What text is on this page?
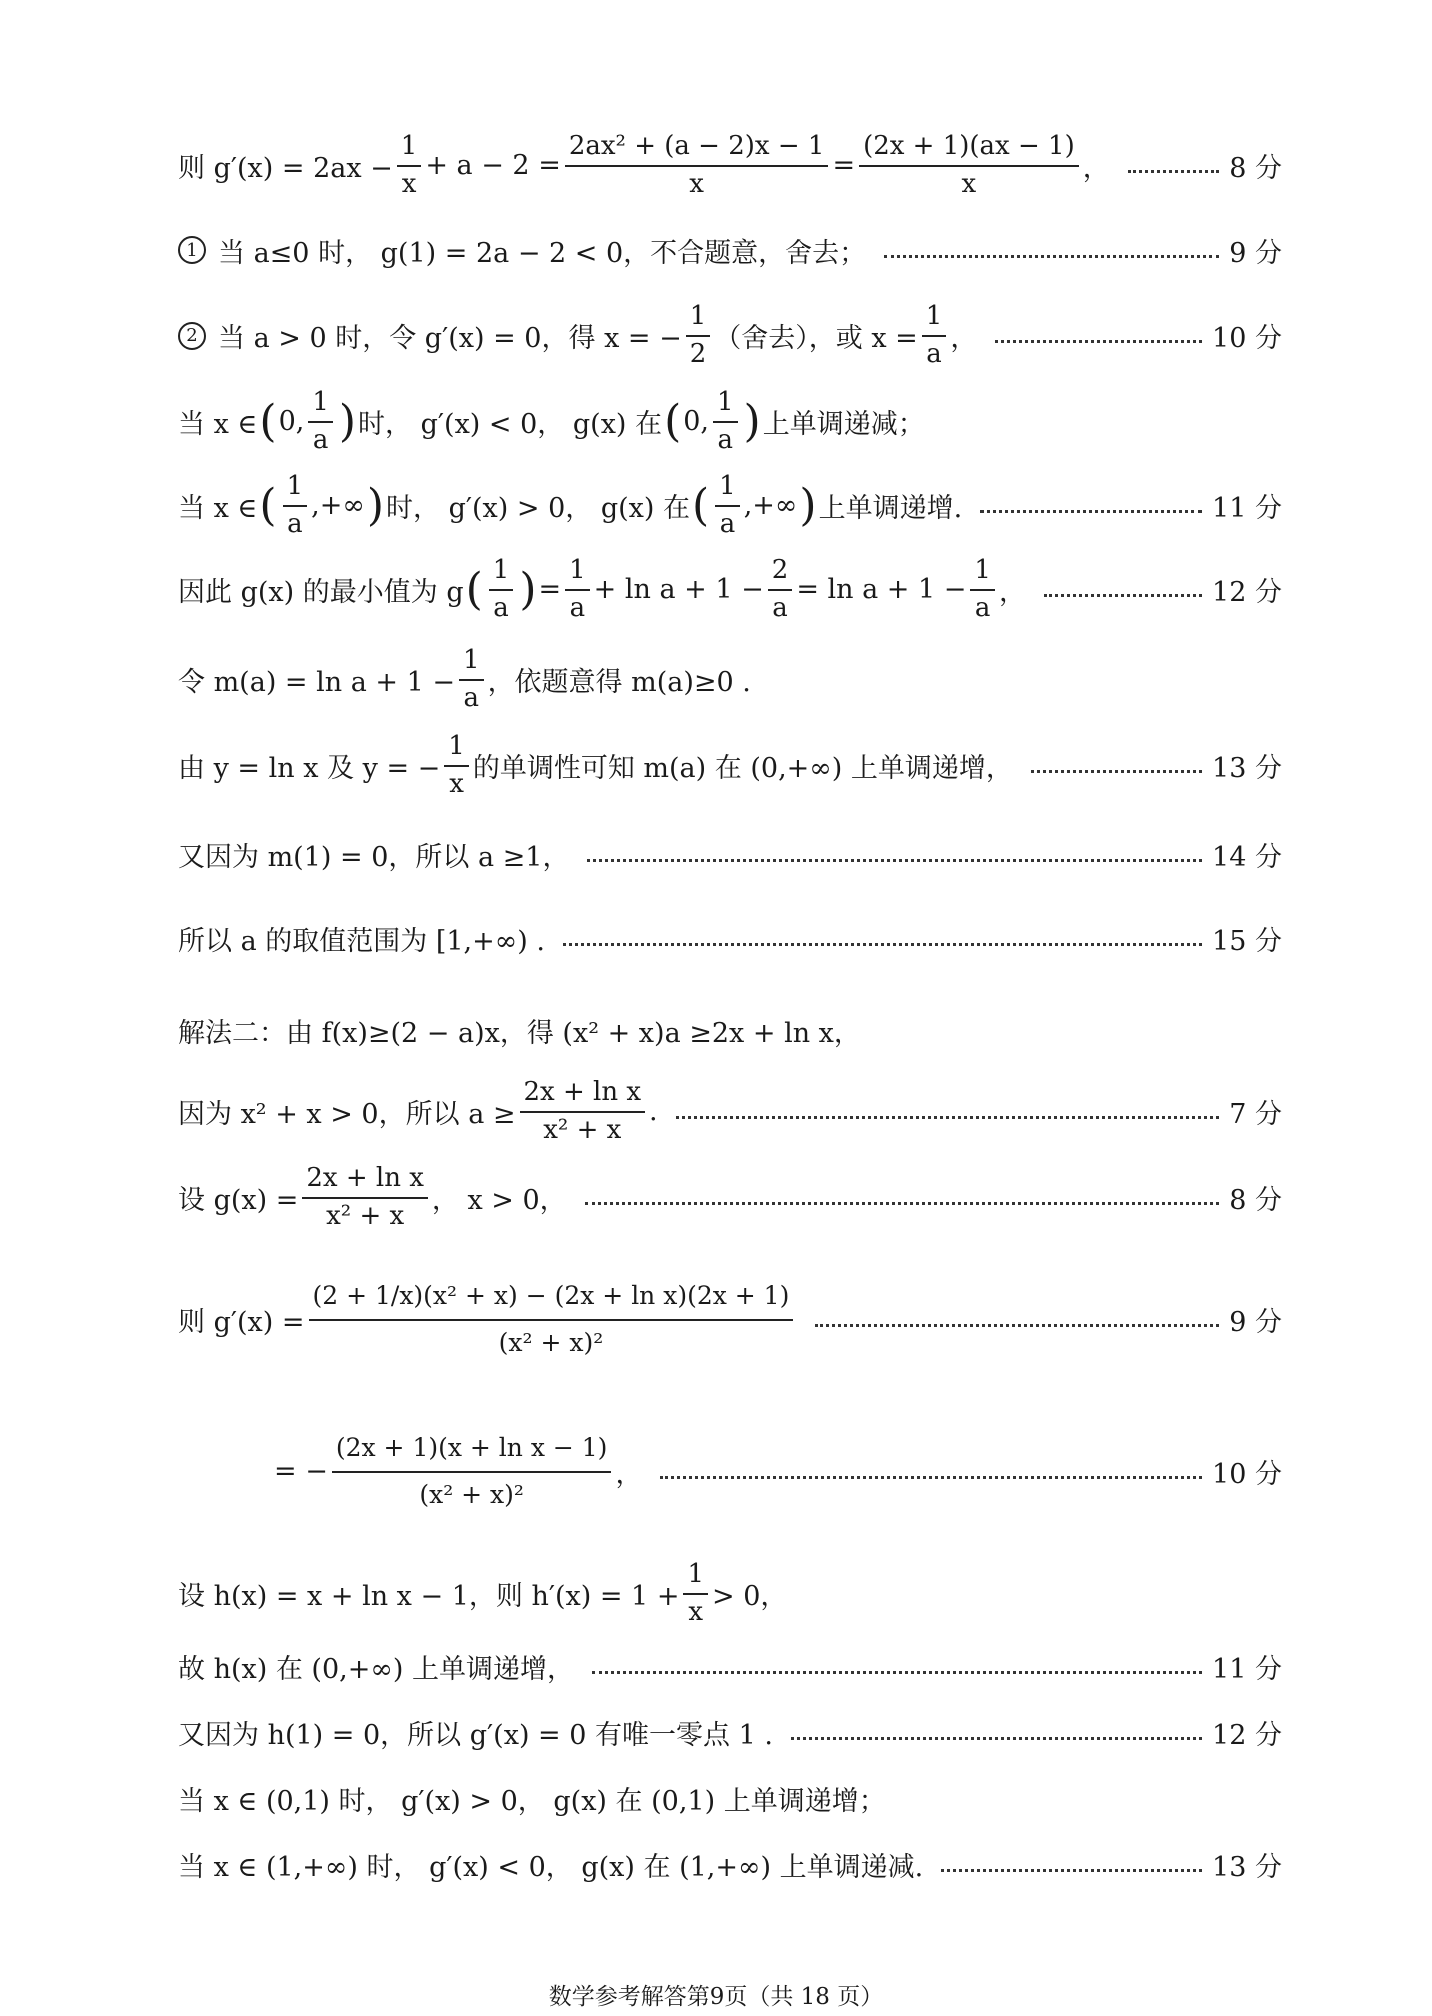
则 $g'(x) = 2ax - \frac{1}{x} + a - 2 = \frac{\text{2ax² + (a − 2)x − 1}}{x} = \frac{(2x + 1)(ax - 1)}{x}$ ，	8 分
1 当 a≤0 时， g(1) = 2a − 2 < 0，不合题意，舍去；	9 分
2 当 a > 0 时，令 g′(x) = 0，得 x = − $\frac{1}{2}$ （舍去），或 $x = \frac{1}{a}$ ，	10 分
当 x ∈ ( 0, $\frac{1}{a}$ ) 时， g′(x) < 0， g(x) 在 ( 0, $\frac{1}{a}$ ) 上单调递减；
当 x ∈ ( $\frac{1}{a}$ ,+∞ ) 时， g′(x) > 0， g(x) 在 ( $\frac{1}{a}$ ,+∞ ) 上单调递增.	11 分
因此 g(x) 的最小值为 g ( $\frac{1}{a}$ ) = $\frac{1}{a} + \ln a + 1 - \frac{2}{a} = \ln a + 1 - \frac{1}{a}$ ，	12 分
令 $m(a) = \ln a + 1 - \frac{1}{a}$ ，依题意得 m(a)≥0 .
由 y = ln x 及 y = − $\frac{1}{x}$ 的单调性可知 m(a) 在 (0,+∞) 上单调递增，	13 分
又因为 m(1) = 0，所以 a ≥1，	14 分
所以 a 的取值范围为 [1,+∞) .	15 分
解法二：由 f(x)≥(2 − a)x，得 (x² + x)a ≥2x + ln x，
因为 x² + x > 0，所以 $a \ge \frac{\text{2x + ln x}}{\text{x² + x}}$ .	7 分
设 $g(x) = \frac{\text{2x + ln x}}{\text{x² + x}}$ ， x > 0，	8 分
则 $g'(x) = \frac{\text{(2 + 1/x)(x² + x) − (2x + ln x)(2x + 1)}}{\text{(x² + x)²}}$	9 分
= − $\frac{\text{(2x + 1)(x + ln x − 1)}}{\text{(x² + x)²}}$ ，	10 分
设 h(x) = x + ln x − 1，则 $h'(x) = 1 + \frac{1}{x} > 0$，
故 h(x) 在 (0,+∞) 上单调递增，	11 分
又因为 h(1) = 0，所以 g′(x) = 0 有唯一零点 1 .	12 分
当 x ∈ (0,1) 时， g′(x) > 0， g(x) 在 (0,1) 上单调递增；
当 x ∈ (1,+∞) 时， g′(x) < 0， g(x) 在 (1,+∞) 上单调递减.	13 分
数学参考解答第9页（共 18 页）
